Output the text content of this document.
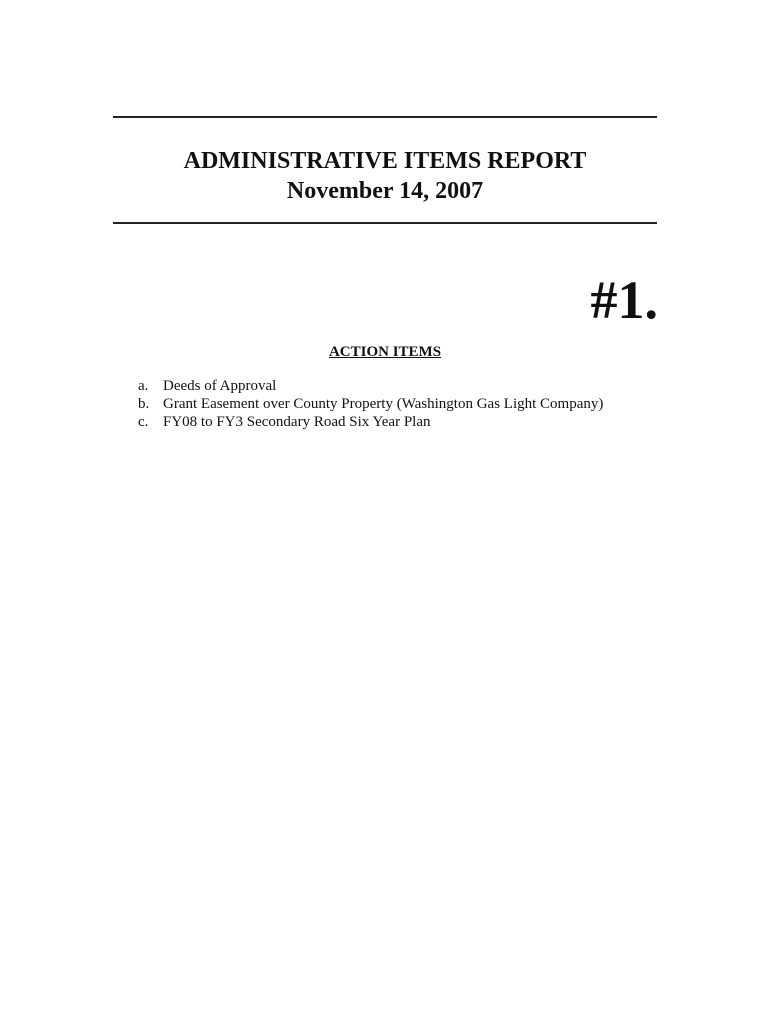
ADMINISTRATIVE ITEMS REPORT
November 14, 2007
#1.
ACTION ITEMS
a. Deeds of Approval
b. Grant Easement over County Property (Washington Gas Light Company)
c. FY08 to FY3 Secondary Road Six Year Plan
